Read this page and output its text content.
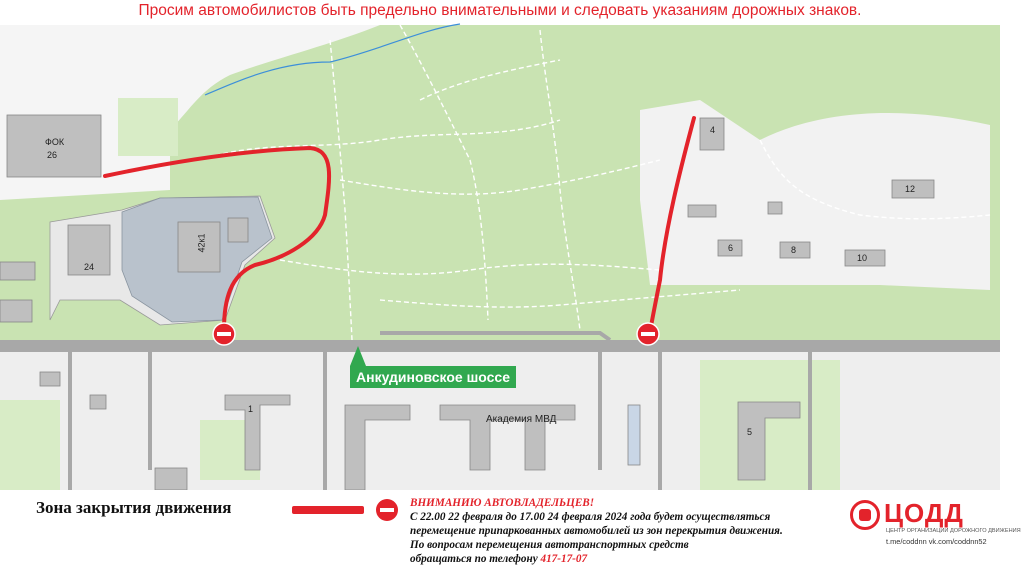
Просим автомобилистов быть предельно внимательными и следовать указаниям дорожных знаков.
Анкудиновское шоссе
ФОК
26
24
42к1
4
12
6	8
10
1
Академия МВД
5
Зона закрытия движения	ВНИМАНИЮ АВТОВЛАДЕЛЬЦЕВ!
С 22.00 22 февраля до 17.00 24 февраля 2024 года будет осуществляться
перемещение припаркованных автомобилей из зон перекрытия движения.
По вопросам перемещения автотранспортных средств
обращаться по телефону 417-17-07
ЦОДД
ЦЕНТР ОРГАНИЗАЦИИ ДОРОЖНОГО ДВИЖЕНИЯ
t.me/coddnn vk.com/coddnn52
